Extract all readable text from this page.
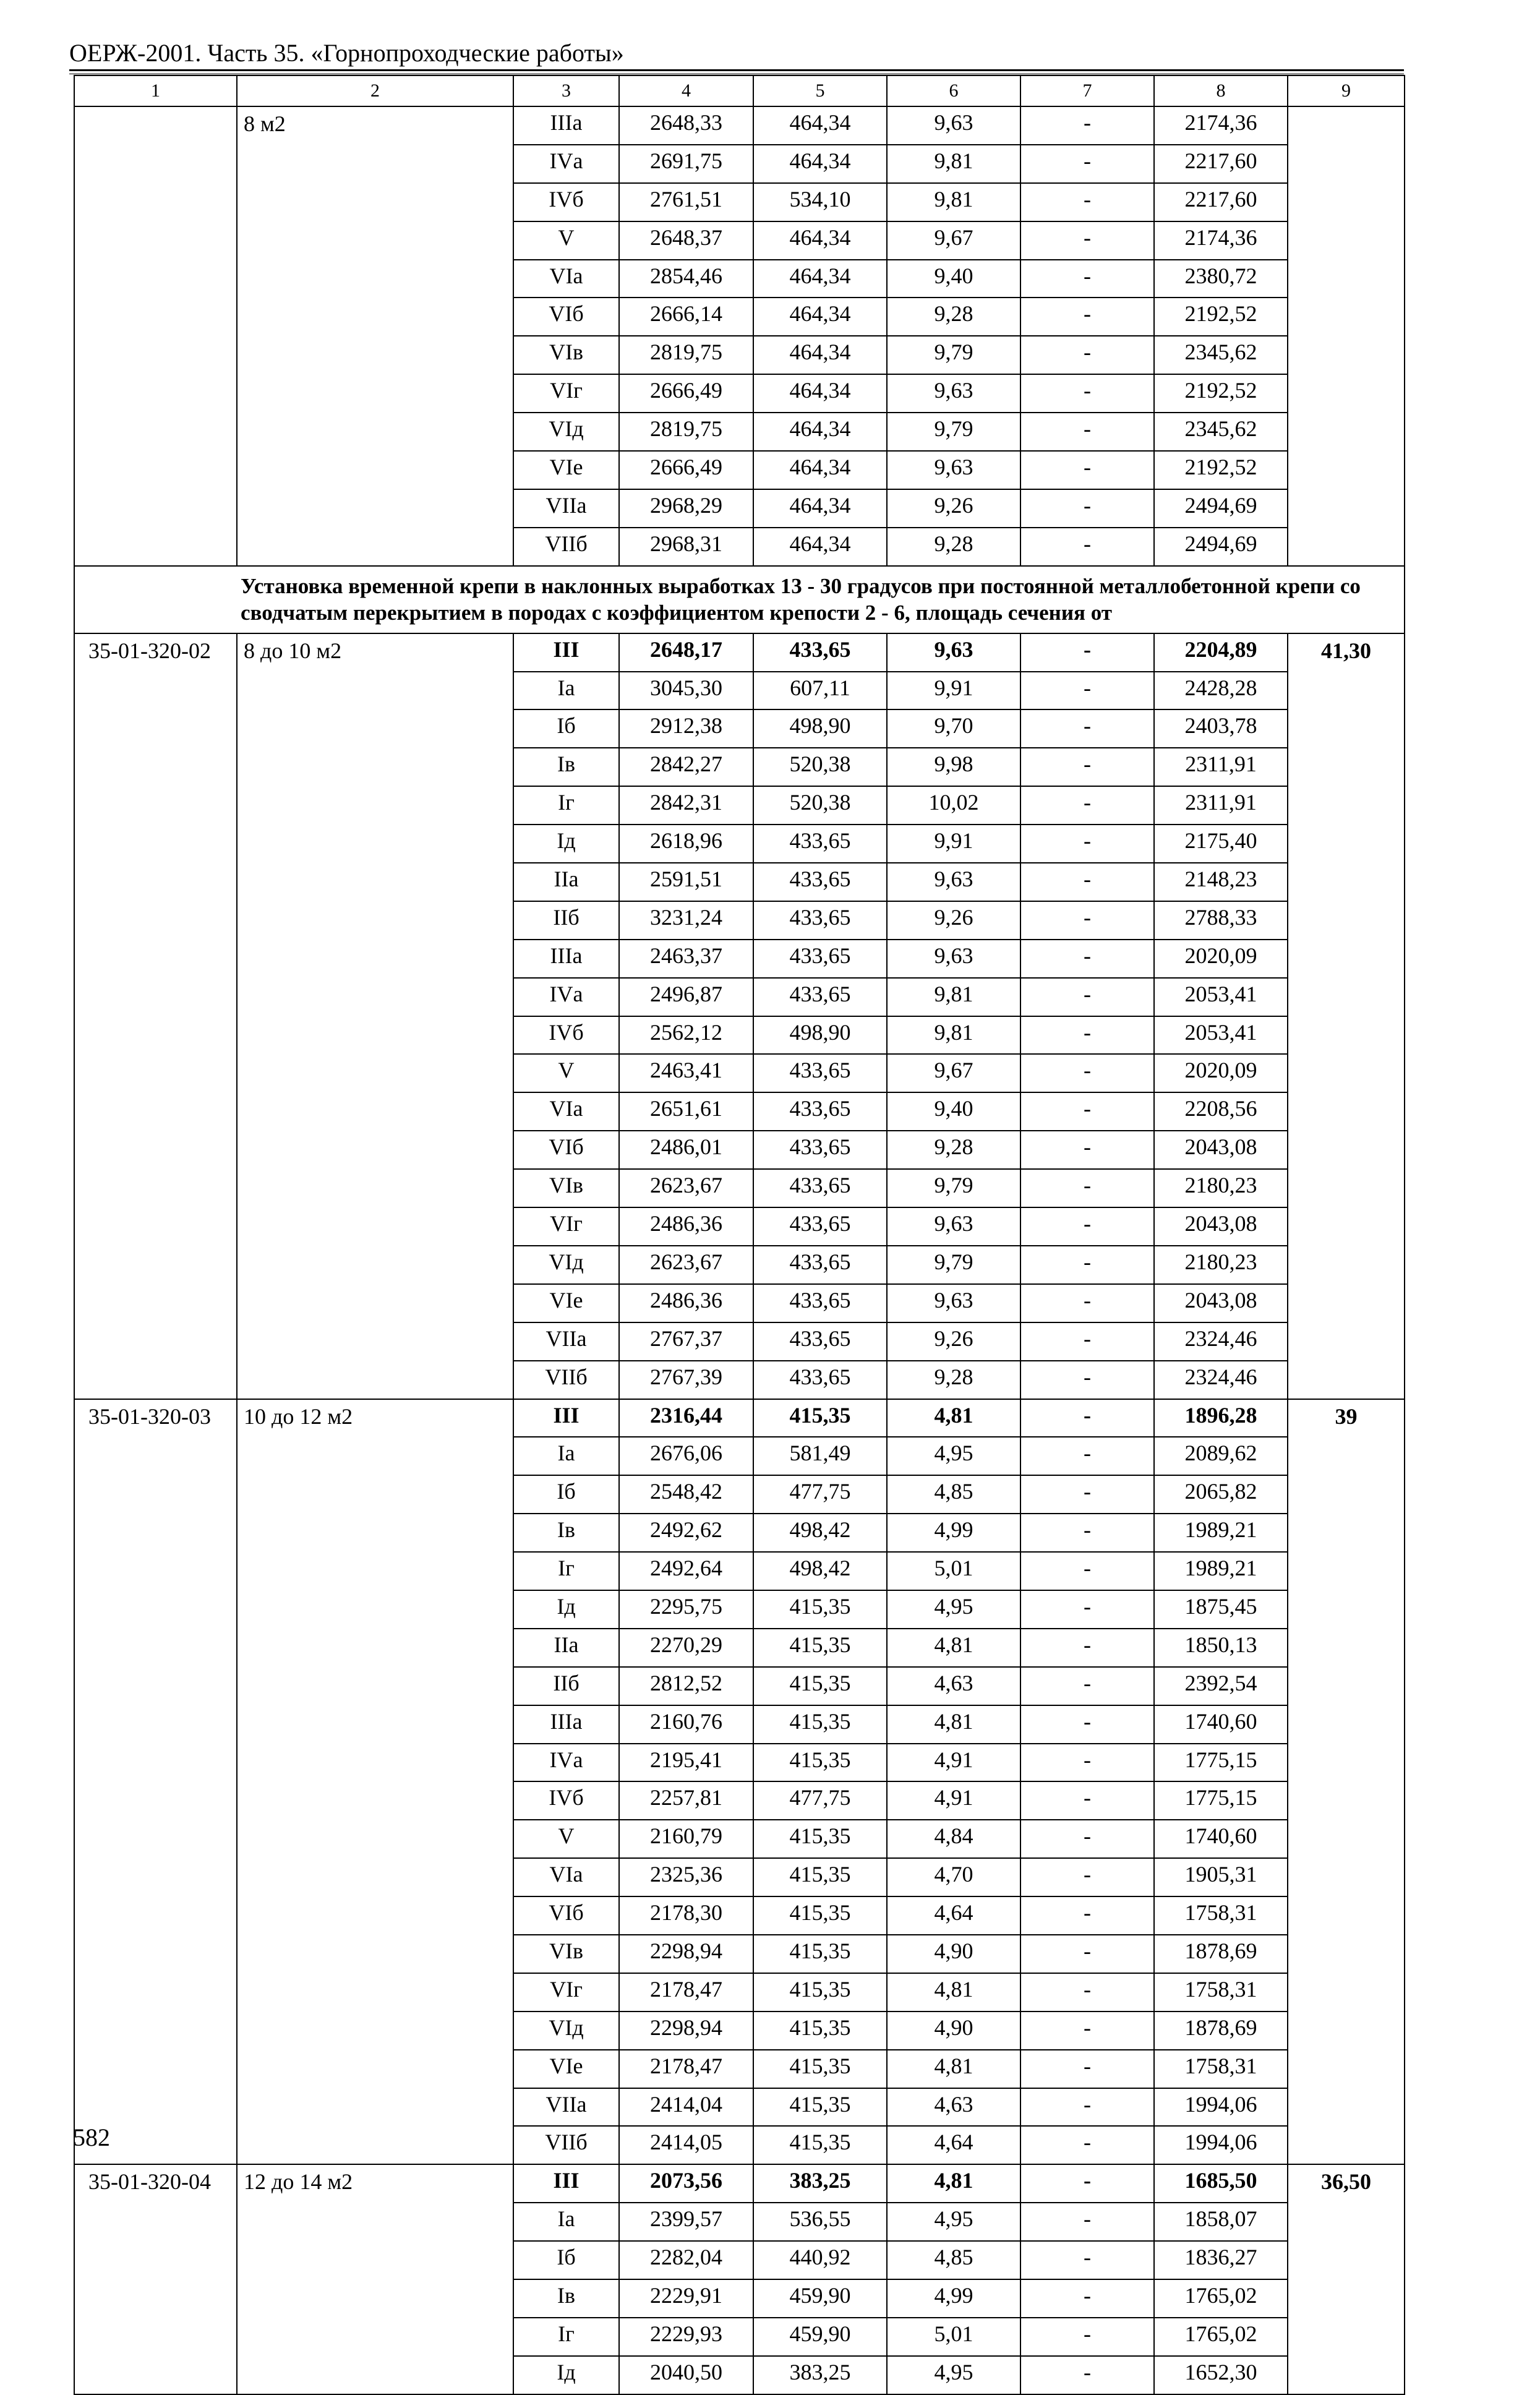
ОЕРЖ-2001. Часть 35. «Горнопроходческие работы»
1	2	3	4	5	6	7	8	9
	8 м2	IIIа	2648,33	464,34	9,63	-	2174,36	
		IVа	2691,75	464,34	9,81	-	2217,60	
		IVб	2761,51	534,10	9,81	-	2217,60	
		V	2648,37	464,34	9,67	-	2174,36	
		VIа	2854,46	464,34	9,40	-	2380,72	
		VIб	2666,14	464,34	9,28	-	2192,52	
		VIв	2819,75	464,34	9,79	-	2345,62	
		VIг	2666,49	464,34	9,63	-	2192,52	
		VIд	2819,75	464,34	9,79	-	2345,62	
		VIе	2666,49	464,34	9,63	-	2192,52	
		VIIа	2968,29	464,34	9,26	-	2494,69	
		VIIб	2968,31	464,34	9,28	-	2494,69	
Установка временной крепи в наклонных выработках 13 - 30 градусов при постоянной металлобетонной крепи со сводчатым перекрытием в породах с коэффициентом крепости 2 - 6, площадь сечения от								
35-01-320-02	8 до 10 м2	III	2648,17	433,65	9,63	-	2204,89	41,30
		Iа	3045,30	607,11	9,91	-	2428,28	
		Iб	2912,38	498,90	9,70	-	2403,78	
		Iв	2842,27	520,38	9,98	-	2311,91	
		Iг	2842,31	520,38	10,02	-	2311,91	
		Iд	2618,96	433,65	9,91	-	2175,40	
		IIа	2591,51	433,65	9,63	-	2148,23	
		IIб	3231,24	433,65	9,26	-	2788,33	
		IIIа	2463,37	433,65	9,63	-	2020,09	
		IVа	2496,87	433,65	9,81	-	2053,41	
		IVб	2562,12	498,90	9,81	-	2053,41	
		V	2463,41	433,65	9,67	-	2020,09	
		VIа	2651,61	433,65	9,40	-	2208,56	
		VIб	2486,01	433,65	9,28	-	2043,08	
		VIв	2623,67	433,65	9,79	-	2180,23	
		VIг	2486,36	433,65	9,63	-	2043,08	
		VIд	2623,67	433,65	9,79	-	2180,23	
		VIе	2486,36	433,65	9,63	-	2043,08	
		VIIа	2767,37	433,65	9,26	-	2324,46	
		VIIб	2767,39	433,65	9,28	-	2324,46	
35-01-320-03	10 до 12 м2	III	2316,44	415,35	4,81	-	1896,28	39
		Iа	2676,06	581,49	4,95	-	2089,62	
		Iб	2548,42	477,75	4,85	-	2065,82	
		Iв	2492,62	498,42	4,99	-	1989,21	
		Iг	2492,64	498,42	5,01	-	1989,21	
		Iд	2295,75	415,35	4,95	-	1875,45	
		IIа	2270,29	415,35	4,81	-	1850,13	
		IIб	2812,52	415,35	4,63	-	2392,54	
		IIIа	2160,76	415,35	4,81	-	1740,60	
		IVа	2195,41	415,35	4,91	-	1775,15	
		IVб	2257,81	477,75	4,91	-	1775,15	
		V	2160,79	415,35	4,84	-	1740,60	
		VIа	2325,36	415,35	4,70	-	1905,31	
		VIб	2178,30	415,35	4,64	-	1758,31	
		VIв	2298,94	415,35	4,90	-	1878,69	
		VIг	2178,47	415,35	4,81	-	1758,31	
		VIд	2298,94	415,35	4,90	-	1878,69	
		VIе	2178,47	415,35	4,81	-	1758,31	
		VIIа	2414,04	415,35	4,63	-	1994,06	
		VIIб	2414,05	415,35	4,64	-	1994,06	
35-01-320-04	12 до 14 м2	III	2073,56	383,25	4,81	-	1685,50	36,50
		Iа	2399,57	536,55	4,95	-	1858,07	
		Iб	2282,04	440,92	4,85	-	1836,27	
		Iв	2229,91	459,90	4,99	-	1765,02	
		Iг	2229,93	459,90	5,01	-	1765,02	
		Iд	2040,50	383,25	4,95	-	1652,30	
582
